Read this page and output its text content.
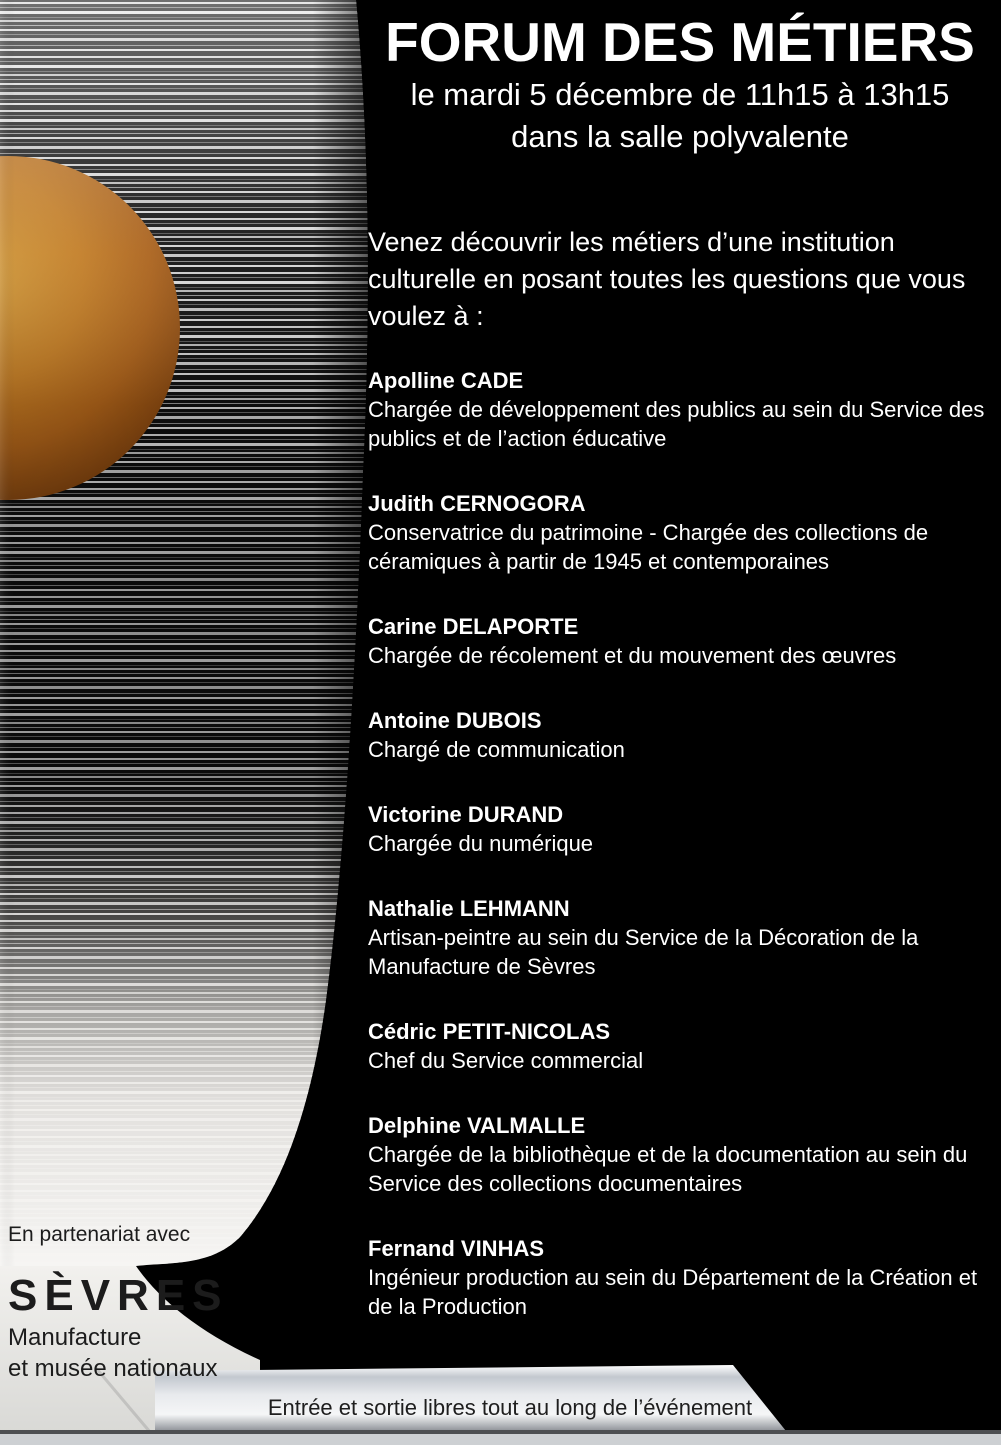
FORUM DES MÉTIERS
le mardi 5 décembre de 11h15 à 13h15
dans la salle polyvalente

Venez découvrir les métiers d’une institution culturelle en posant toutes les questions que vous voulez à :

Apolline CADE
Chargée de développement des publics au sein du Service des publics et de l’action éducative
Judith CERNOGORA
Conservatrice du patrimoine - Chargée des collections de céramiques à partir de 1945 et contemporaines
Carine DELAPORTE
Chargée de récolement et du mouvement des œuvres
Antoine DUBOIS
Chargé de communication
Victorine DURAND
Chargée du numérique
Nathalie LEHMANN
Artisan-peintre au sein du Service de la Décoration de la Manufacture de Sèvres
Cédric PETIT-NICOLAS
Chef du Service commercial
Delphine VALMALLE
Chargée de la bibliothèque et de la documentation au sein du Service des collections documentaires
Fernand VINHAS
Ingénieur production au sein du Département de la Création et de la Production
En partenariat avec
SÈVRES
Manufacture
et musée nationaux
Entrée et sortie libres tout au long de l’événement
